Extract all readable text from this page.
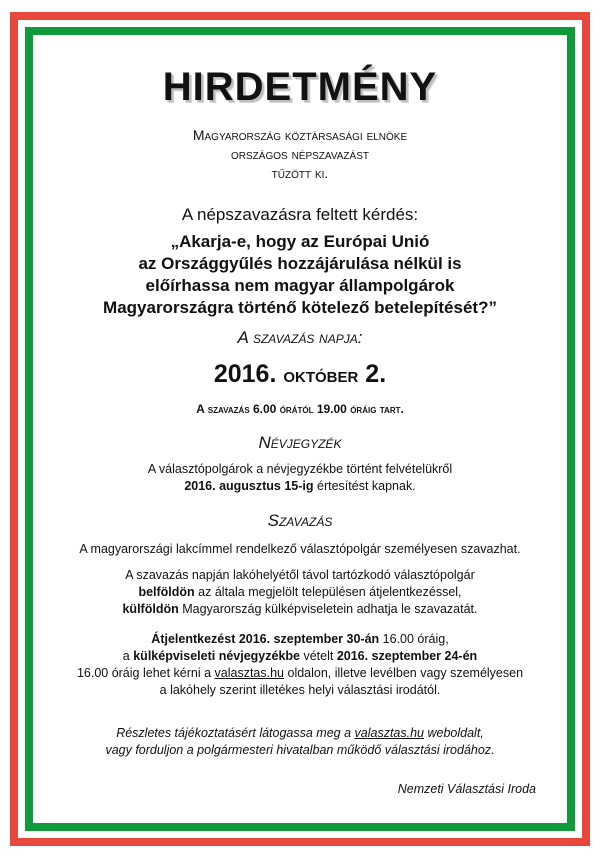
HIRDETMÉNY
Magyarország köztársasági elnöke
országos népszavazást
tűzött ki.
A népszavazásra feltett kérdés:
„Akarja-e, hogy az Európai Unió
az Országgyűlés hozzájárulása nélkül is
előírhassa nem magyar állampolgárok
Magyarországra történő kötelező betelepítését?”
A szavazás napja:
2016. október 2.
A szavazás 6.00 órától 19.00 óráig tart.
Névjegyzék
A választópolgárok a névjegyzékbe történt felvételükről
2016. augusztus 15-ig értesítést kapnak.
Szavazás
A magyarországi lakcímmel rendelkező választópolgár személyesen szavazhat.
A szavazás napján lakóhelyétől távol tartózkodó választópolgár
belföldön az általa megjelölt településen átjelentkezéssel,
külföldön Magyarország külképviseletein adhatja le szavazatát.
Átjelentkezést 2016. szeptember 30-án 16.00 óráig,
a külképviseleti névjegyzékbe vételt 2016. szeptember 24-én
16.00 óráig lehet kérni a valasztas.hu oldalon, illetve levélben vagy személyesen
a lakóhely szerint illetékes helyi választási irodától.
Részletes tájékoztatásért látogassa meg a valasztas.hu weboldalt,
vagy forduljon a polgármesteri hivatalban működő választási irodához.
Nemzeti Választási Iroda
